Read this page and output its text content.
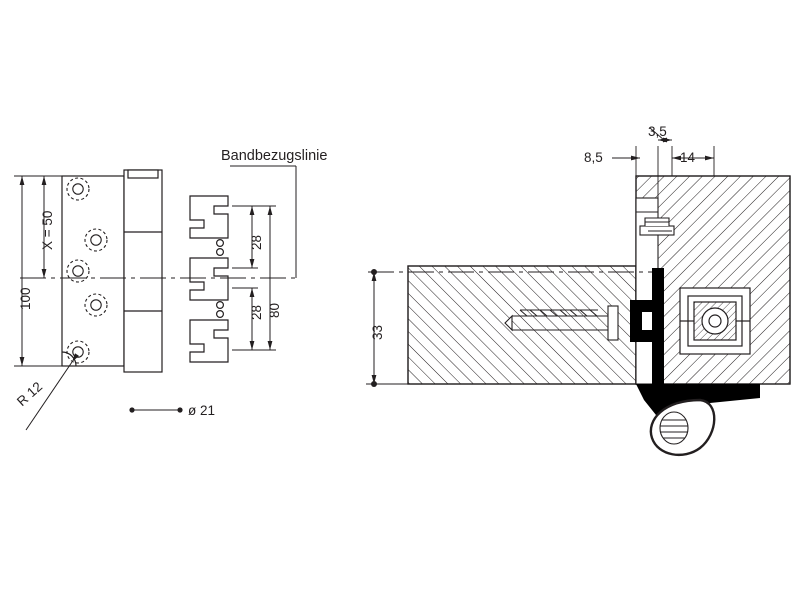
Bandbezugslinie
X = 50
100
28
28 80
R 12
ø 21
8,5
3,5
14
33
